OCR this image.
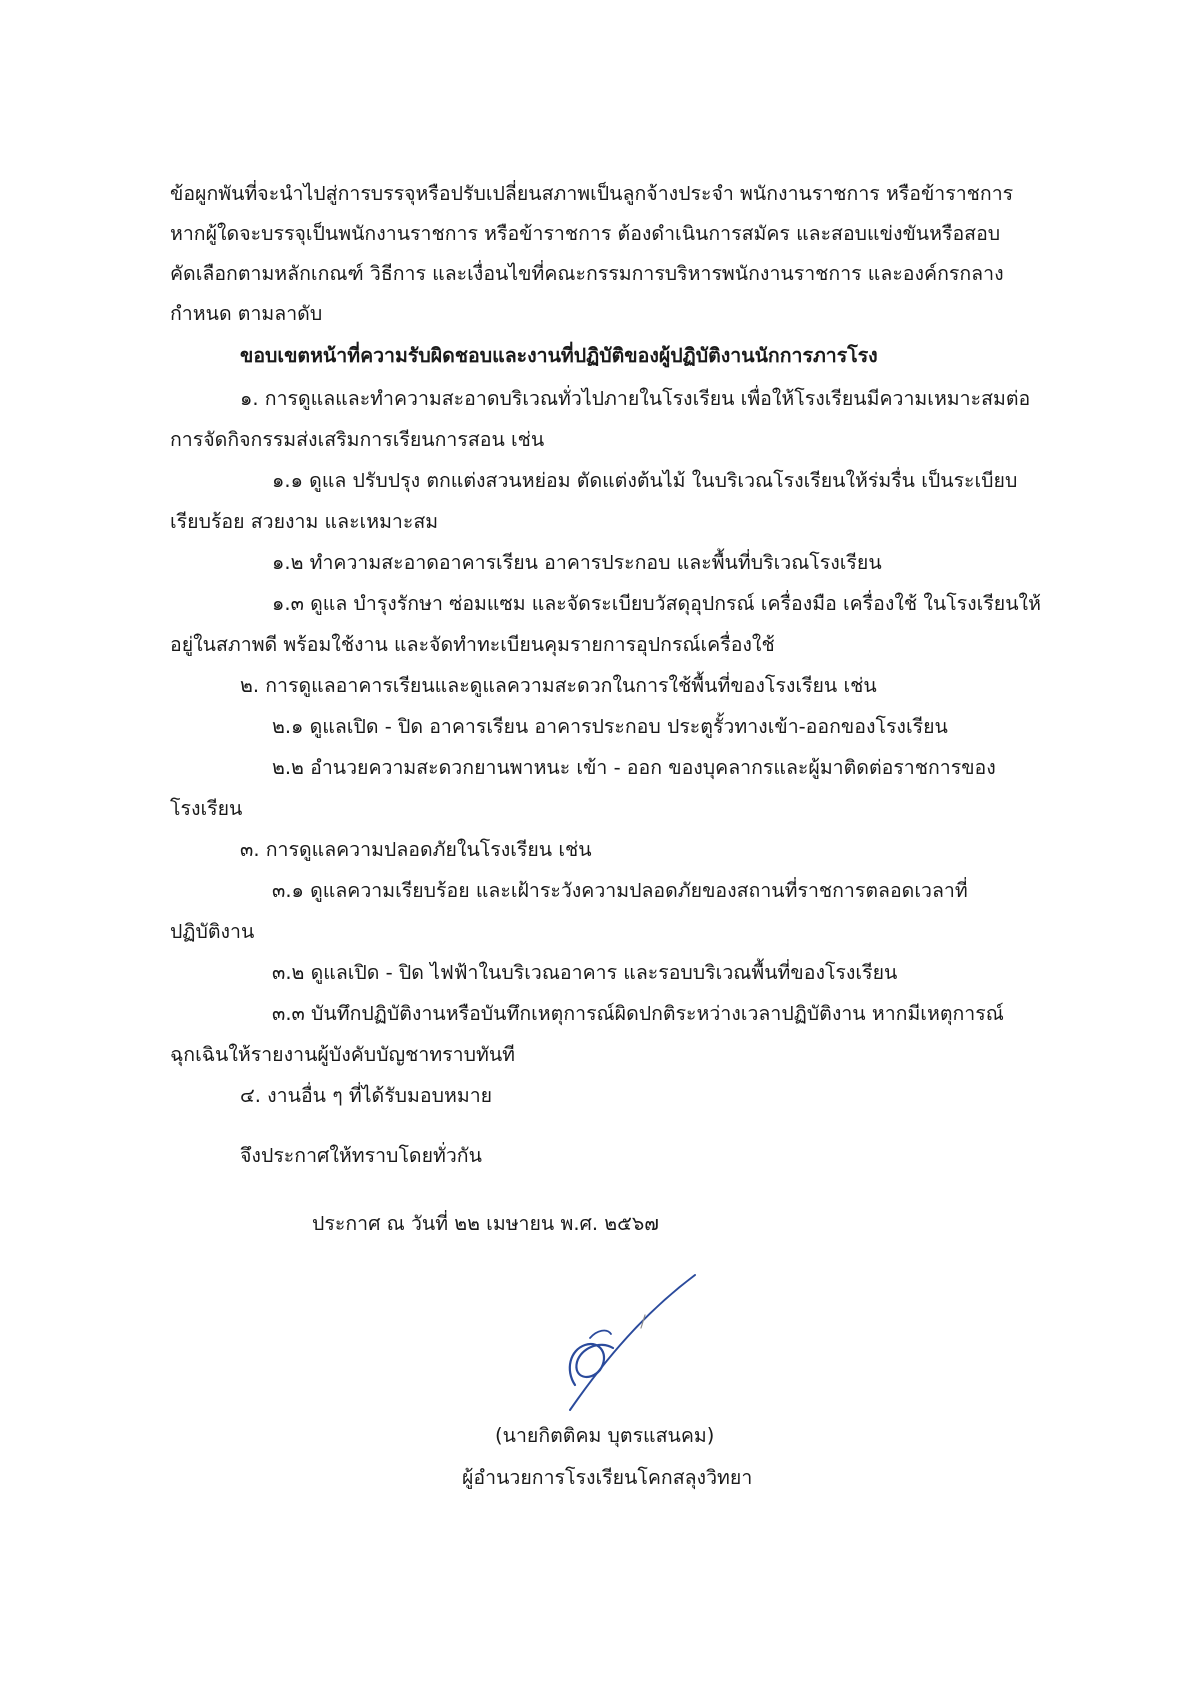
ข้อผูกพันที่จะนำไปสู่การบรรจุหรือปรับเปลี่ยนสภาพเป็นลูกจ้างประจำ พนักงานราชการ หรือข้าราชการ
หากผู้ใดจะบรรจุเป็นพนักงานราชการ หรือข้าราชการ ต้องดำเนินการสมัคร และสอบแข่งขันหรือสอบ
คัดเลือกตามหลักเกณฑ์ วิธีการ และเงื่อนไขที่คณะกรรมการบริหารพนักงานราชการ และองค์กรกลาง
กำหนด ตามลาดับ
ขอบเขตหน้าที่ความรับผิดชอบและงานที่ปฏิบัติของผู้ปฏิบัติงานนักการภารโรง
๑. การดูแลและทำความสะอาดบริเวณทั่วไปภายในโรงเรียน เพื่อให้โรงเรียนมีความเหมาะสมต่อ
การจัดกิจกรรมส่งเสริมการเรียนการสอน เช่น
๑.๑ ดูแล ปรับปรุง ตกแต่งสวนหย่อม ตัดแต่งต้นไม้ ในบริเวณโรงเรียนให้ร่มรื่น เป็นระเบียบ
เรียบร้อย สวยงาม และเหมาะสม
๑.๒ ทำความสะอาดอาคารเรียน อาคารประกอบ และพื้นที่บริเวณโรงเรียน
๑.๓ ดูแล บำรุงรักษา ซ่อมแซม และจัดระเบียบวัสดุอุปกรณ์ เครื่องมือ เครื่องใช้ ในโรงเรียนให้
อยู่ในสภาพดี พร้อมใช้งาน และจัดทำทะเบียนคุมรายการอุปกรณ์เครื่องใช้
๒. การดูแลอาคารเรียนและดูแลความสะดวกในการใช้พื้นที่ของโรงเรียน เช่น
๒.๑ ดูแลเปิด - ปิด อาคารเรียน อาคารประกอบ ประตูรั้วทางเข้า-ออกของโรงเรียน
๒.๒ อำนวยความสะดวกยานพาหนะ เข้า - ออก ของบุคลากรและผู้มาติดต่อราชการของ
โรงเรียน
๓. การดูแลความปลอดภัยในโรงเรียน เช่น
๓.๑ ดูแลความเรียบร้อย และเฝ้าระวังความปลอดภัยของสถานที่ราชการตลอดเวลาที่
ปฏิบัติงาน
๓.๒ ดูแลเปิด - ปิด ไฟฟ้าในบริเวณอาคาร และรอบบริเวณพื้นที่ของโรงเรียน
๓.๓ บันทึกปฏิบัติงานหรือบันทึกเหตุการณ์ผิดปกติระหว่างเวลาปฏิบัติงาน หากมีเหตุการณ์
ฉุกเฉินให้รายงานผู้บังคับบัญชาทราบทันที
๔. งานอื่น ๆ ที่ได้รับมอบหมาย
จึงประกาศให้ทราบโดยทั่วกัน
ประกาศ ณ วันที่ ๒๒ เมษายน พ.ศ. ๒๕๖๗
(นายกิตติคม บุตรแสนคม)
ผู้อำนวยการโรงเรียนโคกสลุงวิทยา
